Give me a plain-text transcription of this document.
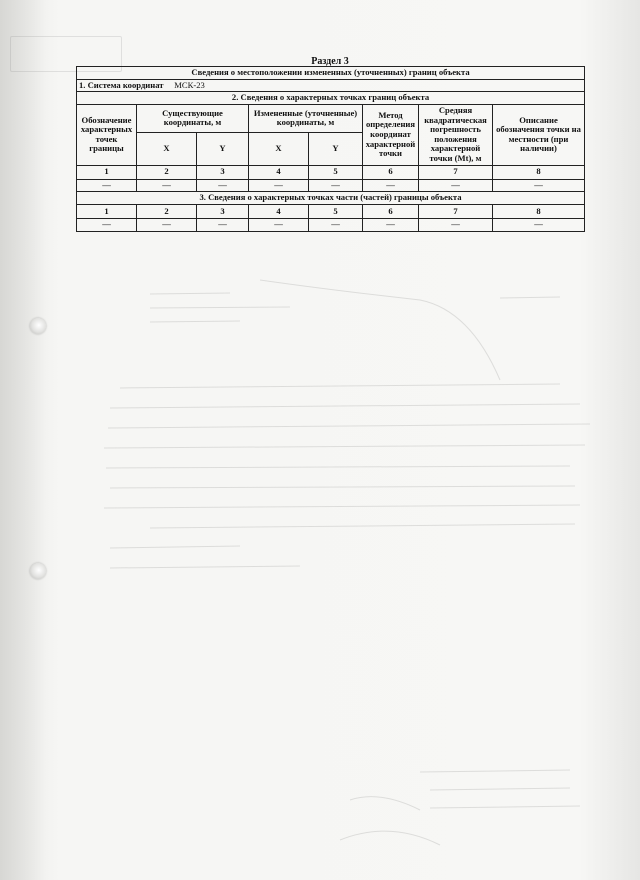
Раздел 3
Сведения о местоположении измененных (уточненных) границ объекта							
1. Система координат МСК-23							
2. Сведения о характерных точках границ объекта							
Обозначение характерных точек границы	Существующие координаты, м		Измененные (уточненные) координаты, м		Метод определения координат характерной точки	Средняя квадратическая погрешность положения характерной точки (Mt), м	Описание обозначения точки на местности (при наличии)
	X	Y	X	Y			
1	2	3	4	5	6	7	8
—	—	—	—	—	—	—	—
3. Сведения о характерных точках части (частей) границы объекта							
1	2	3	4	5	6	7	8
—	—	—	—	—	—	—	—
